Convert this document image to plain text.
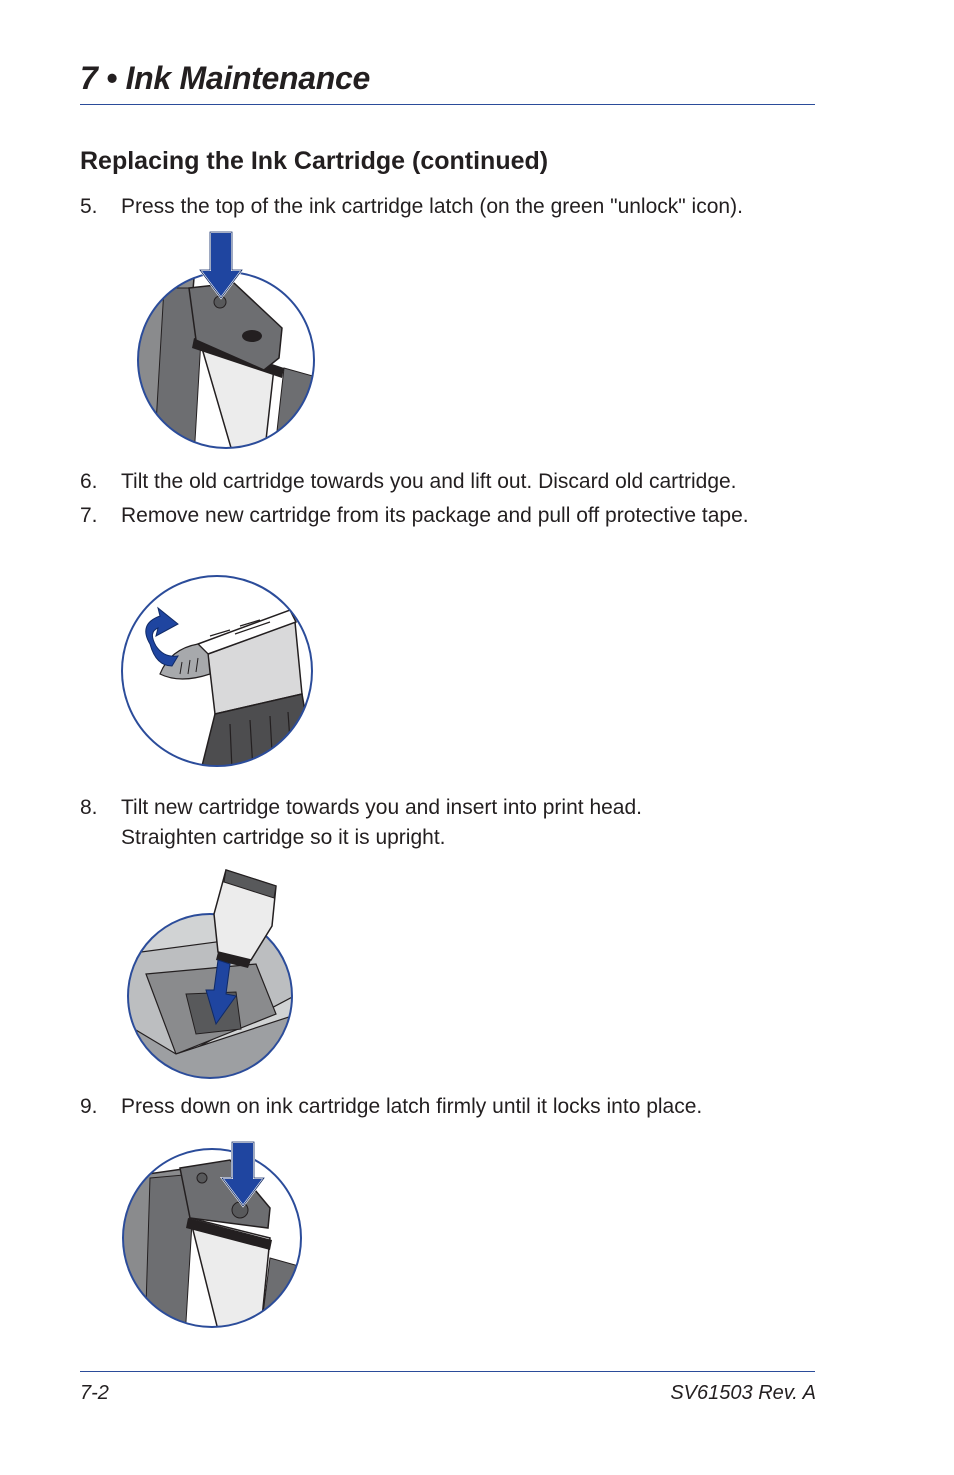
7 • Ink Maintenance
Replacing the Ink Cartridge (continued)
5.	Press the top of the ink cartridge latch (on the green "unlock" icon).
6.	Tilt the old cartridge towards you and lift out. Discard old cartridge.
7.	Remove new cartridge from its package and pull off protective tape.
8.	Tilt new cartridge towards you and insert into print head. Straighten cartridge so it is upright.
9.	Press down on ink cartridge latch firmly until it locks into place.
7-2	SV61503 Rev. A
